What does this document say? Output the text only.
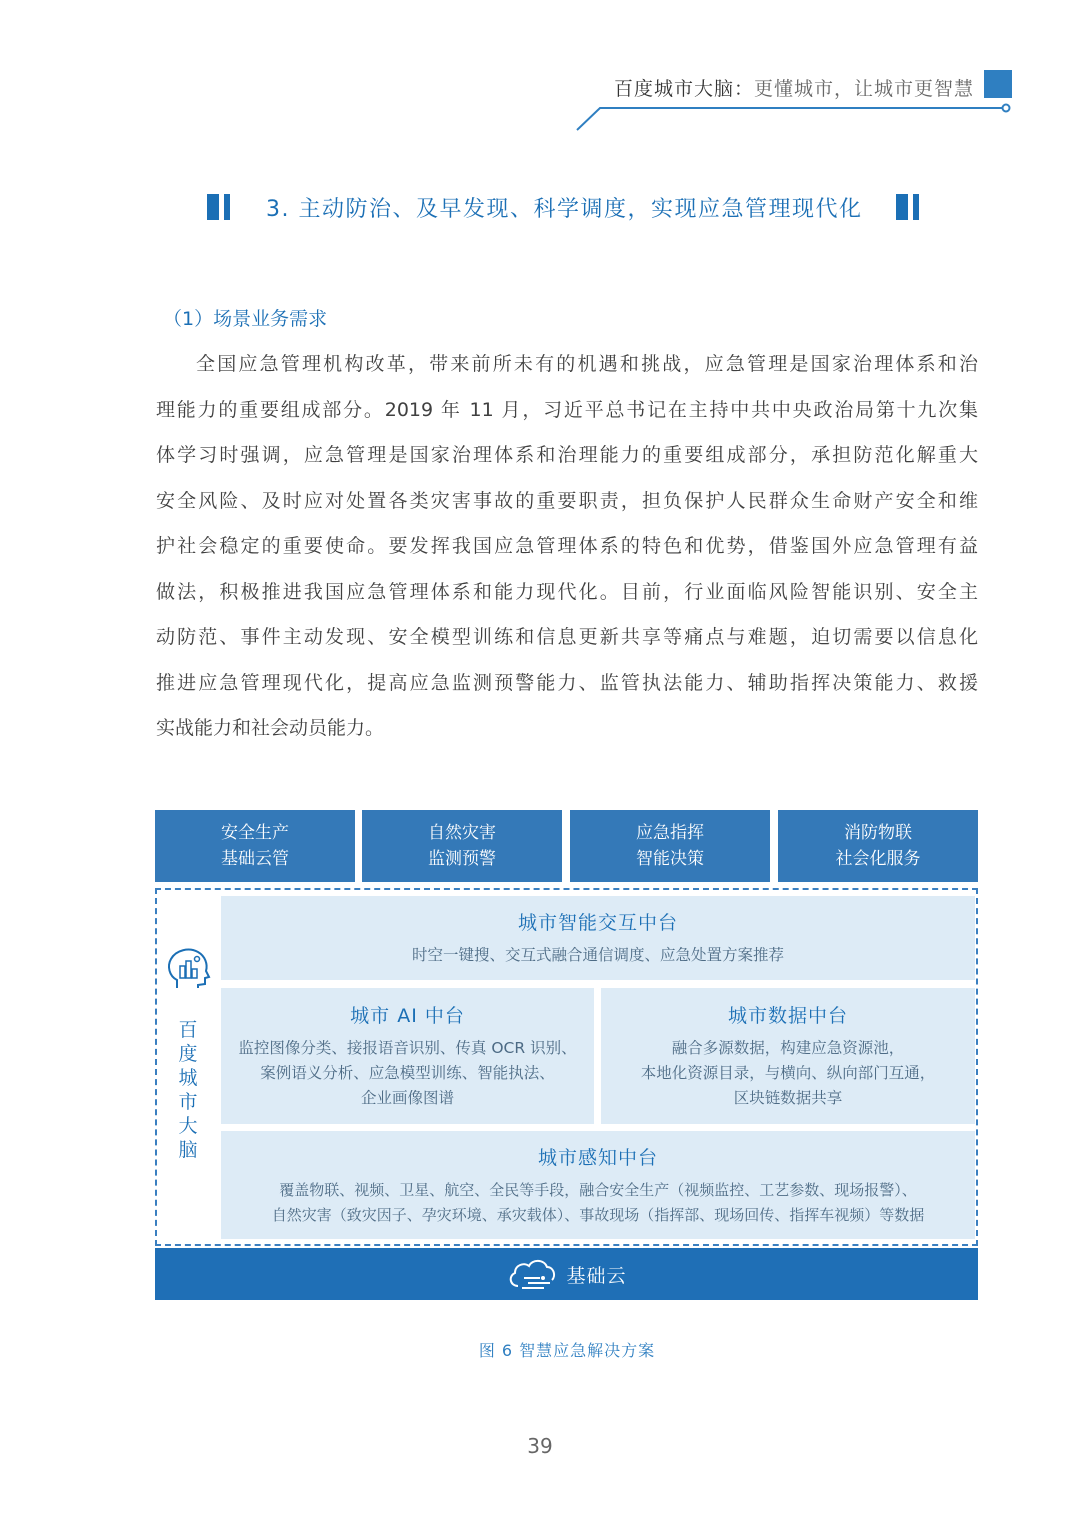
百度城市大脑：更懂城市，让城市更智慧
3. 主动防治、及早发现、科学调度，实现应急管理现代化
（1）场景业务需求
全国应急管理机构改革，带来前所未有的机遇和挑战，应急管理是国家治理体系和治
理能力的重要组成部分。2019 年 11 月，习近平总书记在主持中共中央政治局第十九次集
体学习时强调，应急管理是国家治理体系和治理能力的重要组成部分，承担防范化解重大
安全风险、及时应对处置各类灾害事故的重要职责，担负保护人民群众生命财产安全和维
护社会稳定的重要使命。要发挥我国应急管理体系的特色和优势，借鉴国外应急管理有益
做法，积极推进我国应急管理体系和能力现代化。目前，行业面临风险智能识别、安全主
动防范、事件主动发现、安全模型训练和信息更新共享等痛点与难题，迫切需要以信息化
推进应急管理现代化，提高应急监测预警能力、监管执法能力、辅助指挥决策能力、救援
实战能力和社会动员能力。
安全生产
基础云管
自然灾害
监测预警
应急指挥
智能决策
消防物联
社会化服务
百
度
城
市
大
脑
城市智能交互中台
时空一键搜、交互式融合通信调度、应急处置方案推荐
城市 AI 中台
监控图像分类、接报语音识别、传真 OCR 识别、
案例语义分析、应急模型训练、智能执法、
企业画像图谱
城市数据中台
融合多源数据，构建应急资源池，
本地化资源目录，与横向、纵向部门互通，
区块链数据共享
城市感知中台
覆盖物联、视频、卫星、航空、全民等手段，融合安全生产（视频监控、工艺参数、现场报警）、
自然灾害（致灾因子、孕灾环境、承灾载体）、事故现场（指挥部、现场回传、指挥车视频）等数据
基础云
图 6 智慧应急解决方案
39
